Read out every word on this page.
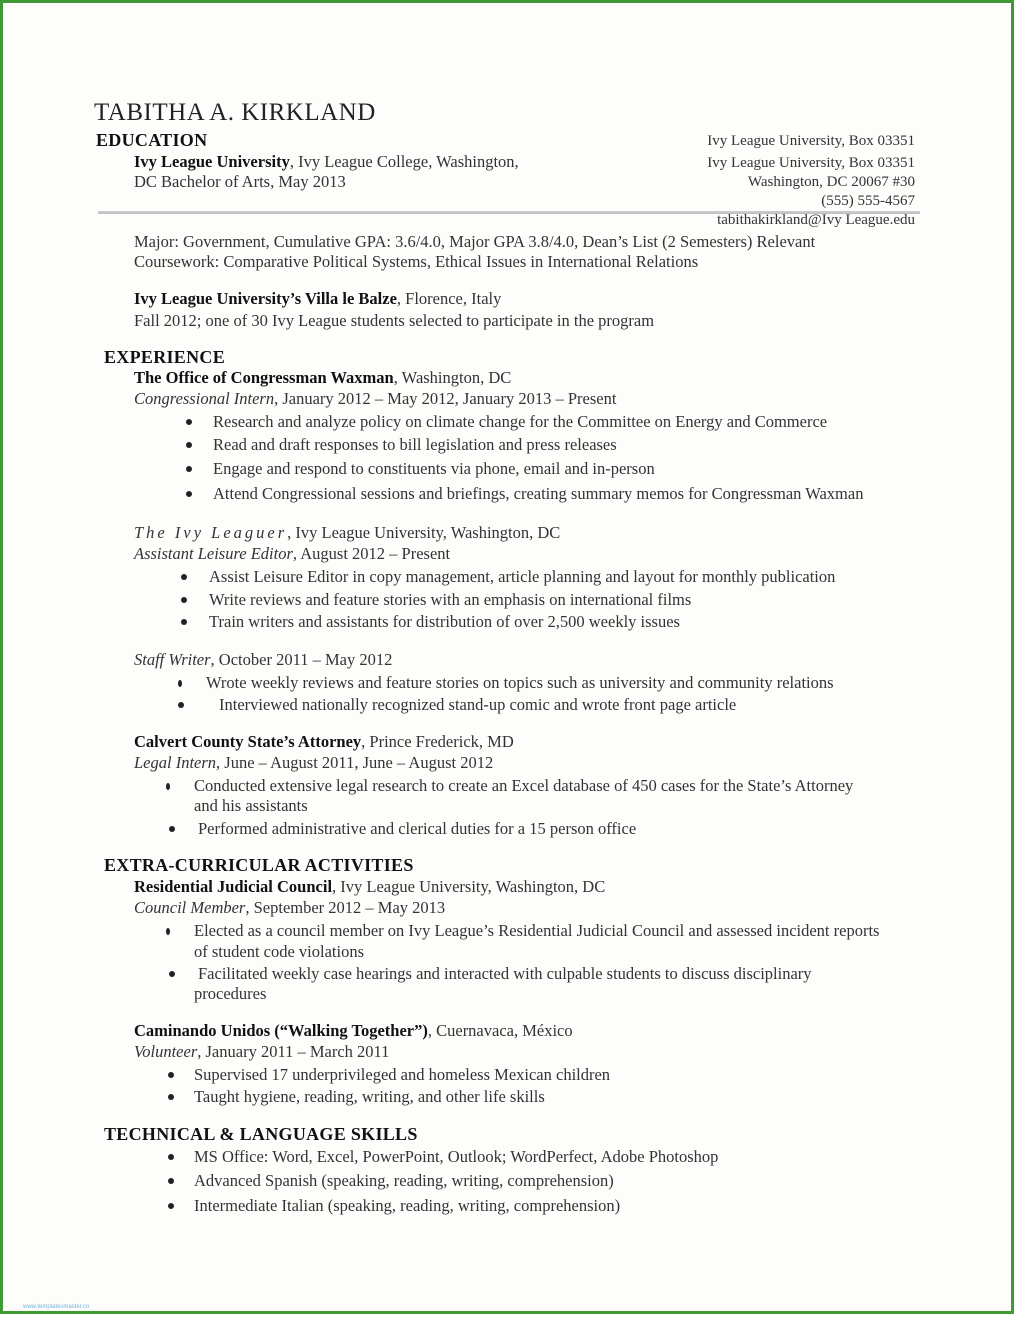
TABITHA A. KIRKLAND
Ivy League University, Box 03351
Ivy League University, Box 03351
Washington, DC 20067 #30
(555) 555-4567
tabithakirkland@Ivy League.edu
EDUCATION
Ivy League University, Ivy League College, Washington,
DC Bachelor of Arts, May 2013
Major: Government, Cumulative GPA: 3.6/4.0, Major GPA 3.8/4.0, Dean’s List (2 Semesters) Relevant
Coursework: Comparative Political Systems, Ethical Issues in International Relations
Ivy League University’s Villa le Balze, Florence, Italy
Fall 2012; one of 30 Ivy League students selected to participate in the program
EXPERIENCE
The Office of Congressman Waxman, Washington, DC
Congressional Intern, January 2012 – May 2012, January 2013 – Present
Research and analyze policy on climate change for the Committee on Energy and Commerce
Read and draft responses to bill legislation and press releases
Engage and respond to constituents via phone, email and in-person
Attend Congressional sessions and briefings, creating summary memos for Congressman Waxman
The Ivy Leaguer, Ivy League University, Washington, DC
Assistant Leisure Editor, August 2012 – Present
Assist Leisure Editor in copy management, article planning and layout for monthly publication
Write reviews and feature stories with an emphasis on international films
Train writers and assistants for distribution of over 2,500 weekly issues
Staff Writer, October 2011 – May 2012
Wrote weekly reviews and feature stories on topics such as university and community relations
Interviewed nationally recognized stand-up comic and wrote front page article
Calvert County State’s Attorney, Prince Frederick, MD
Legal Intern, June – August 2011, June – August 2012
Conducted extensive legal research to create an Excel database of 450 cases for the State’s Attorney
and his assistants
Performed administrative and clerical duties for a 15 person office
EXTRA-CURRICULAR ACTIVITIES
Residential Judicial Council, Ivy League University, Washington, DC
Council Member, September 2012 – May 2013
Elected as a council member on Ivy League’s Residential Judicial Council and assessed incident reports
of student code violations
Facilitated weekly case hearings and interacted with culpable students to discuss disciplinary
procedures
Caminando Unidos (“Walking Together”), Cuernavaca, México
Volunteer, January 2011 – March 2011
Supervised 17 underprivileged and homeless Mexican children
Taught hygiene, reading, writing, and other life skills
TECHNICAL & LANGUAGE SKILLS
MS Office: Word, Excel, PowerPoint, Outlook; WordPerfect, Adobe Photoshop
Advanced Spanish (speaking, reading, writing, comprehension)
Intermediate Italian (speaking, reading, writing, comprehension)
www.templatesmaster.co
